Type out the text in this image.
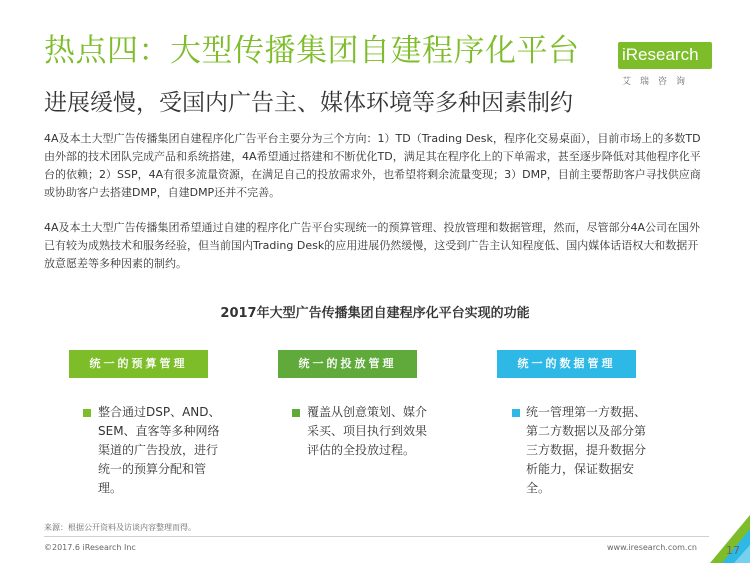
热点四：大型传播集团自建程序化平台
进展缓慢，受国内广告主、媒体环境等多种因素制约
iResearch
艾瑞咨询
4A及本土大型广告传播集团自建程序化广告平台主要分为三个方向：1）TD（Trading Desk，程序化交易桌面），目前市场上的多数TD由外部的技术团队完成产品和系统搭建，4A希望通过搭建和不断优化TD，满足其在程序化上的下单需求，甚至逐步降低对其他程序化平台的依赖；2）SSP，4A有很多流量资源，在满足自己的投放需求外，也希望将剩余流量变现；3）DMP，目前主要帮助客户寻找供应商或协助客户去搭建DMP，自建DMP还并不完善。
4A及本土大型广告传播集团希望通过自建的程序化广告平台实现统一的预算管理、投放管理和数据管理，然而，尽管部分4A公司在国外已有较为成熟技术和服务经验，但当前国内Trading Desk的应用进展仍然缓慢，这受到广告主认知程度低、国内媒体话语权大和数据开放意愿差等多种因素的制约。
2017年大型广告传播集团自建程序化平台实现的功能
统一的预算管理	统一的投放管理	统一的数据管理
整合通过DSP、AND、SEM、直客等多种网络渠道的广告投放，进行统一的预算分配和管理。
覆盖从创意策划、媒介采买、项目执行到效果评估的全投放过程。
统一管理第一方数据、第二方数据以及部分第三方数据，提升数据分析能力，保证数据安全。
来源：根据公开资料及访谈内容整理而得。
©2017.6 iResearch Inc	www.iresearch.com.cn	17
